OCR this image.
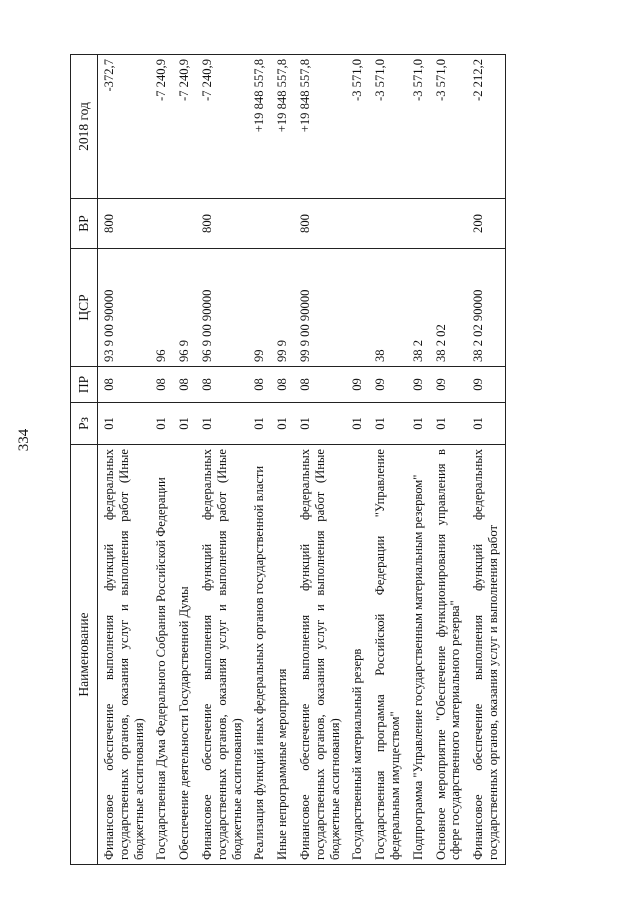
334
Наименование	Рз	ПР	ЦСР	ВР	2018 год
Финансовое обеспечение выполнения функций федеральных государственных органов, оказания услуг и выполнения работ (Иные бюджетные ассигнования)	01	08	93 9 00 90000	800	-372,7
Государственная Дума Федерального Собрания Российской Федерации	01	08	96		-7 240,9
Обеспечение деятельности Государственной Думы	01	08	96 9		-7 240,9
Финансовое обеспечение выполнения функций федеральных государственных органов, оказания услуг и выполнения работ (Иные бюджетные ассигнования)	01	08	96 9 00 90000	800	-7 240,9
Реализация функций иных федеральных органов государственной власти	01	08	99		+19 848 557,8
Иные непрограммные мероприятия	01	08	99 9		+19 848 557,8
Финансовое обеспечение выполнения функций федеральных государственных органов, оказания услуг и выполнения работ (Иные бюджетные ассигнования)	01	08	99 9 00 90000	800	+19 848 557,8
Государственный материальный резерв	01	09			-3 571,0
Государственная программа Российской Федерации "Управление федеральным имуществом"	01	09	38		-3 571,0
Подпрограмма "Управление государственным материальным резервом"	01	09	38 2		-3 571,0
Основное мероприятие "Обеспечение функционирования управления в сфере государственного материального резерва"	01	09	38 2 02		-3 571,0
Финансовое обеспечение выполнения функций федеральных государственных органов, оказания услуг и выполнения работ	01	09	38 2 02 90000	200	-2 212,2
